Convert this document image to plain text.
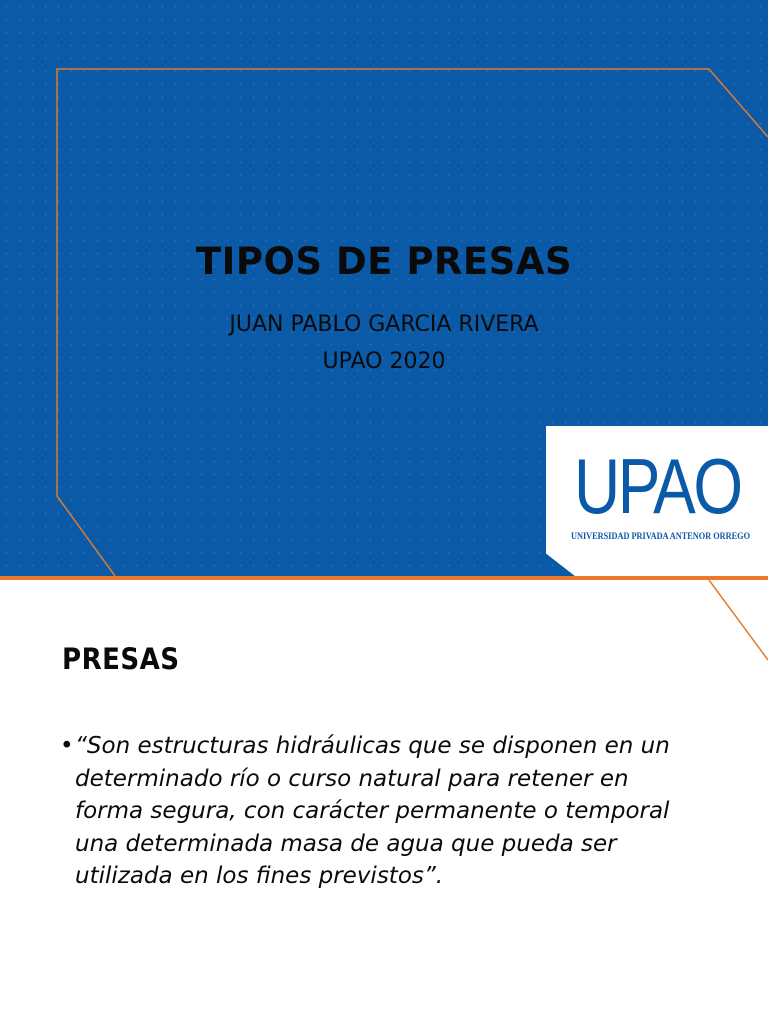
TIPOS DE PRESAS
JUAN PABLO GARCIA RIVERA
UPAO 2020
UPAO
UNIVERSIDAD PRIVADA ANTENOR ORREGO
PRESAS
• “Son estructuras hidráulicas que se disponen en un
determinado río o curso natural para retener en
forma segura, con carácter permanente o temporal
una determinada masa de agua que pueda ser
utilizada en los fines previstos”.
